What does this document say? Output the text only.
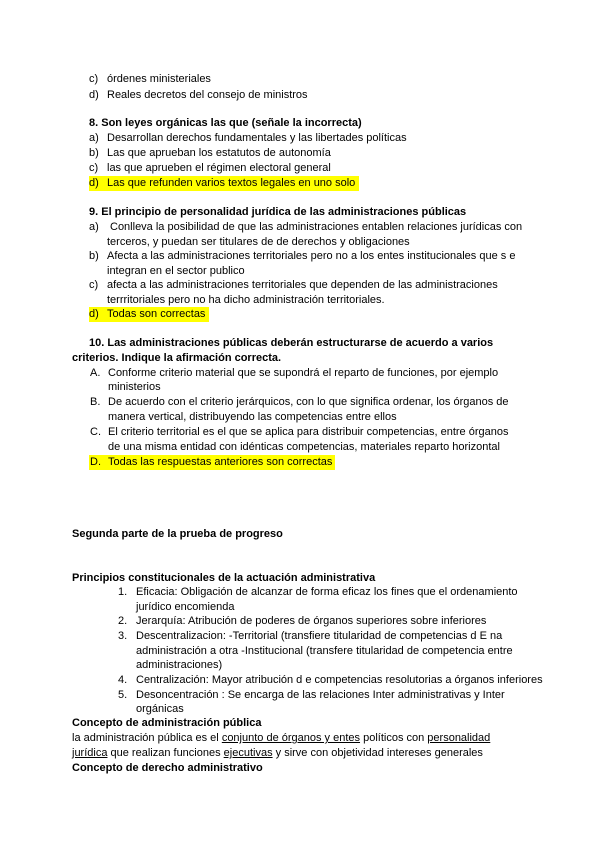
c) órdenes ministeriales
d) Reales decretos del consejo de ministros
8. Son leyes orgánicas las que (señale la incorrecta)
a) Desarrollan derechos fundamentales y las libertades políticas
b) Las que aprueban los estatutos de autonomía
c) las que aprueben el régimen electoral general
d) Las que refunden varios textos legales en uno solo
9. El principio de personalidad jurídica de las administraciones públicas
a) Conlleva la posibilidad de que las administraciones entablen relaciones jurídicas con
terceros, y puedan ser titulares de de derechos y obligaciones
b) Afecta a las administraciones territoriales pero no a los entes institucionales que s e
integran en el sector publico
c) afecta a las administraciones territoriales que dependen de las administraciones
terrritoriales pero no ha dicho administración territoriales.
d) Todas son correctas
10. Las administraciones públicas deberán estructurarse de acuerdo a varios
criterios. Indique la afirmación correcta.
A. Conforme criterio material que se supondrá el reparto de funciones, por ejemplo
ministerios
B. De acuerdo con el criterio jerárquicos, con lo que significa ordenar, los órganos de
manera vertical, distribuyendo las competencias entre ellos
C. El criterio territorial es el que se aplica para distribuir competencias, entre órganos
de una misma entidad con idénticas competencias, materiales reparto horizontal
D. Todas las respuestas anteriores son correctas
Segunda parte de la prueba de progreso
Principios constitucionales de la actuación administrativa
1. Eficacia: Obligación de alcanzar de forma eficaz los fines que el ordenamiento
jurídico encomienda
2. Jerarquía: Atribución de poderes de órganos superiores sobre inferiores
3. Descentralizacion: -Territorial (transfiere titularidad de competencias d E na
administración a otra -Institucional (transfere titularidad de competencia entre
administraciones)
4. Centralización: Mayor atribución d e competencias resolutorias a órganos inferiores
5. Desoncentración : Se encarga de las relaciones Inter administrativas y Inter
orgánicas
Concepto de administración pública
la administración pública es el conjunto de órganos y entes políticos con personalidad
jurídica que realizan funciones ejecutivas y sirve con objetividad intereses generales
Concepto de derecho administrativo
